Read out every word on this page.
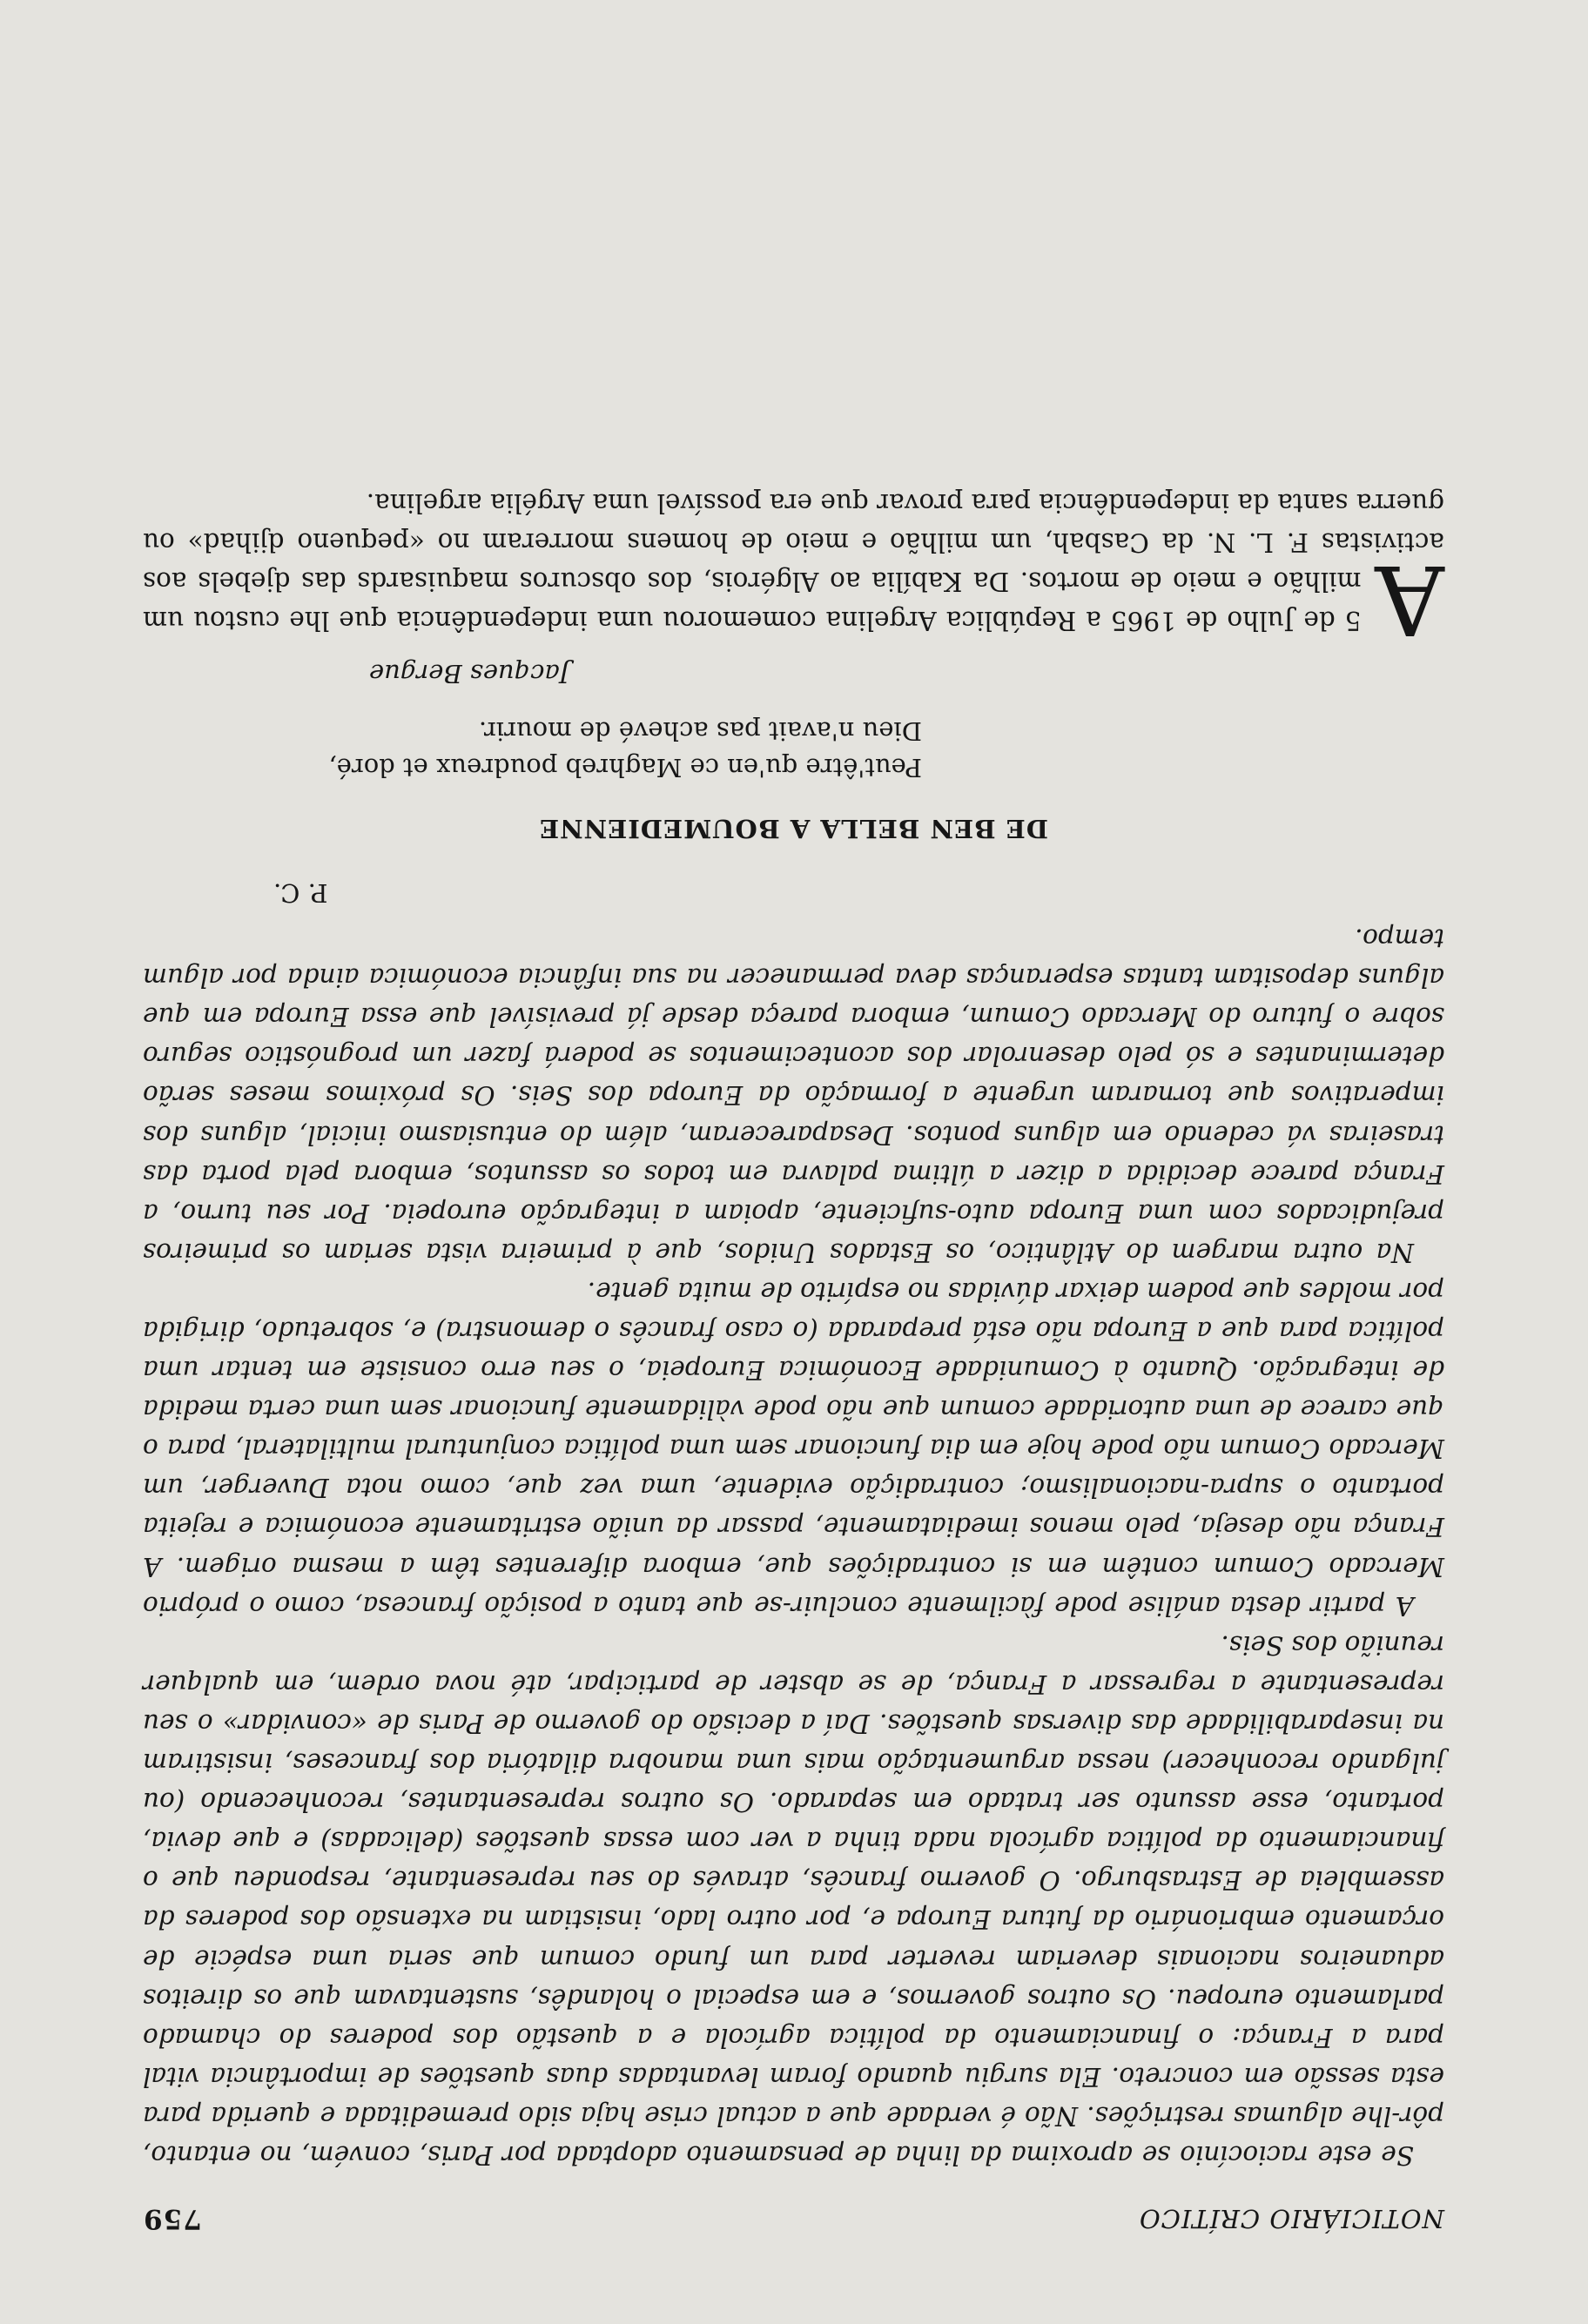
NOTICIÁRIO CRÍTICO
759

Se este raciocínio se aproxima da linha de pensamento adoptada por Paris, convém, no entanto, pôr-lhe algumas restrições. Não é verdade que a actual crise haja sido premeditada e querida para esta sessão em concreto. Ela surgiu quando foram levantadas duas questões de importância vital para a França: o financiamento da política agrícola e a questão dos poderes do chamado parlamento europeu. Os outros governos, e em especial o holandês, sustentavam que os direitos aduaneiros nacionais deveriam reverter para um fundo comum que seria uma espécie de orçamento embrionário da futura Europa e, por outro lado, insistiam na extensão dos poderes da assembleia de Estrasburgo. O governo francês, através do seu representante, respondeu que o financiamento da política agrícola nada tinha a ver com essas questões (delicadas) e que devia, portanto, esse assunto ser tratado em separado. Os outros representantes, reconhecendo (ou julgando reconhecer) nessa argumentação mais uma manobra dilatória dos franceses, insistiram na inseparabilidade das diversas questões. Daí a decisão do governo de Paris de «convidar» o seu representante a regressar a França, de se abster de participar, até nova ordem, em qualquer reunião dos Seis.

A partir desta análise pode fàcilmente concluir-se que tanto a posição francesa, como o próprio Mercado Comum contêm em si contradições que, embora diferentes têm a mesma origem. A França não deseja, pelo menos imediatamente, passar da união estritamente económica e rejeita portanto o supra-nacionalismo; contradição evidente, uma vez que, como nota Duverger, um Mercado Comum não pode hoje em dia funcionar sem uma política conjuntural multilateral, para o que carece de uma autoridade comum que não pode vàlidamente funcionar sem uma certa medida de integração. Quanto à Comunidade Económica Europeia, o seu erro consiste em tentar uma política para que a Europa não está preparada (o caso francês o demonstra) e, sobretudo, dirigida por moldes que podem deixar dúvidas no espírito de muita gente.

Na outra margem do Atlântico, os Estados Unidos, que à primeira vista seriam os primeiros prejudicados com uma Europa auto-suficiente, apoiam a integração europeia. Por seu turno, a França parece decidida a dizer a última palavra em todos os assuntos, embora pela porta das traseiras vá cedendo em alguns pontos. Desapareceram, além do entusiasmo inicial, alguns dos imperativos que tornaram urgente a formação da Europa dos Seis. Os próximos meses serão determinantes e só pelo desenrolar dos acontecimentos se poderá fazer um prognóstico seguro sobre o futuro do Mercado Comum, embora pareça desde já previsível que essa Europa em que alguns depositam tantas esperanças deva permanecer na sua infância económica ainda por algum tempo.

P. C.
DE BEN BELLA A BOUMEDIENNE
Peut'être qu'en ce Maghreb poudreux et doré,
Dieu n'avait pas achevé de mourir.
Jacques Bergue
A

5 de Julho de 1965 a República Argelina comemorou uma independência que lhe custou um milhão e meio de mortos. Da Kabília ao Algérois, dos obscuros maquisards das djebels aos activistas F. L. N. da Casbah, um milhão e meio de homens morreram no «pequeno djihad» ou guerra santa da independência para provar que era possível uma Argélia argelina.
